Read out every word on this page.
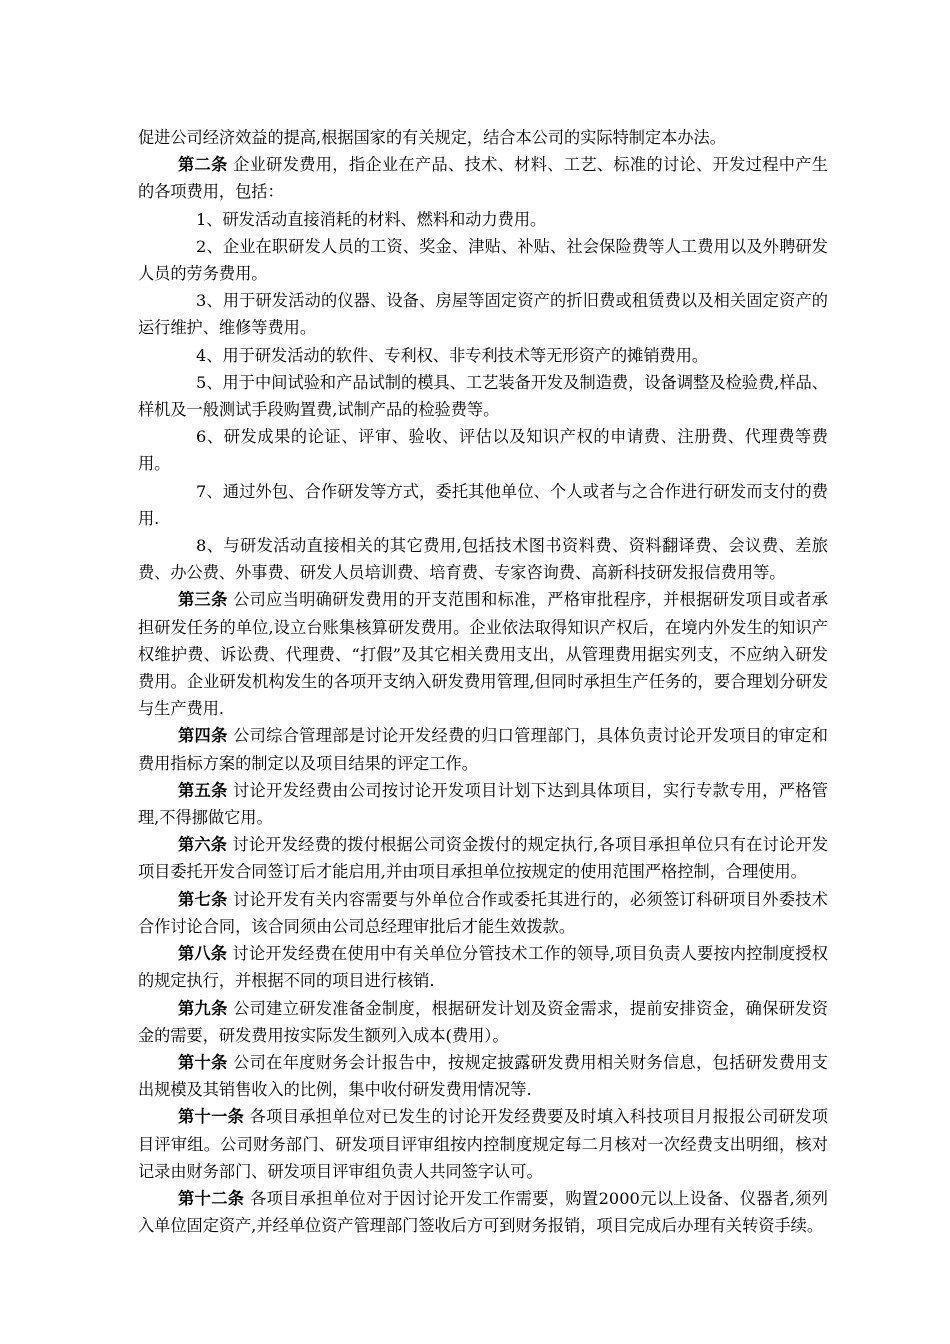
促进公司经济效益的提高,根据国家的有关规定，结合本公司的实际特制定本办法。

第二条 企业研发费用，指企业在产品、技术、材料、工艺、标准的讨论、开发过程中产生的各项费用，包括：

1、研发活动直接消耗的材料、燃料和动力费用。

2、企业在职研发人员的工资、奖金、津贴、补贴、社会保险费等人工费用以及外聘研发人员的劳务费用。

3、用于研发活动的仪器、设备、房屋等固定资产的折旧费或租赁费以及相关固定资产的运行维护、维修等费用。

4、用于研发活动的软件、专利权、非专利技术等无形资产的摊销费用。

5、用于中间试验和产品试制的模具、工艺装备开发及制造费，设备调整及检验费,样品、样机及一般测试手段购置费,试制产品的检验费等。

6、研发成果的论证、评审、验收、评估以及知识产权的申请费、注册费、代理费等费用。

7、通过外包、合作研发等方式，委托其他单位、个人或者与之合作进行研发而支付的费用.

8、与研发活动直接相关的其它费用,包括技术图书资料费、资料翻译费、会议费、差旅费、办公费、外事费、研发人员培训费、培育费、专家咨询费、高新科技研发报信费用等。

第三条 公司应当明确研发费用的开支范围和标准，严格审批程序，并根据研发项目或者承担研发任务的单位,设立台账集核算研发费用。企业依法取得知识产权后，在境内外发生的知识产权维护费、诉讼费、代理费、“打假”及其它相关费用支出，从管理费用据实列支，不应纳入研发费用。企业研发机构发生的各项开支纳入研发费用管理,但同时承担生产任务的，要合理划分研发与生产费用.

第四条 公司综合管理部是讨论开发经费的归口管理部门，具体负责讨论开发项目的审定和费用指标方案的制定以及项目结果的评定工作。

第五条 讨论开发经费由公司按讨论开发项目计划下达到具体项目，实行专款专用，严格管理,不得挪做它用。

第六条 讨论开发经费的拨付根据公司资金拨付的规定执行,各项目承担单位只有在讨论开发项目委托开发合同签订后才能启用,并由项目承担单位按规定的使用范围严格控制，合理使用。

第七条 讨论开发有关内容需要与外单位合作或委托其进行的，必须签订科研项目外委技术合作讨论合同，该合同须由公司总经理审批后才能生效拨款。

第八条 讨论开发经费在使用中有关单位分管技术工作的领导,项目负责人要按内控制度授权的规定执行，并根据不同的项目进行核销.

第九条 公司建立研发准备金制度，根据研发计划及资金需求，提前安排资金，确保研发资金的需要，研发费用按实际发生额列入成本(费用）。

第十条 公司在年度财务会计报告中，按规定披露研发费用相关财务信息，包括研发费用支出规模及其销售收入的比例，集中收付研发费用情况等.

第十一条 各项目承担单位对已发生的讨论开发经费要及时填入科技项目月报报公司研发项目评审组。公司财务部门、研发项目评审组按内控制度规定每二月核对一次经费支出明细，核对记录由财务部门、研发项目评审组负责人共同签字认可。

第十二条 各项目承担单位对于因讨论开发工作需要，购置2000元以上设备、仪器者,须列入单位固定资产,并经单位资产管理部门签收后方可到财务报销，项目完成后办理有关转资手续。
